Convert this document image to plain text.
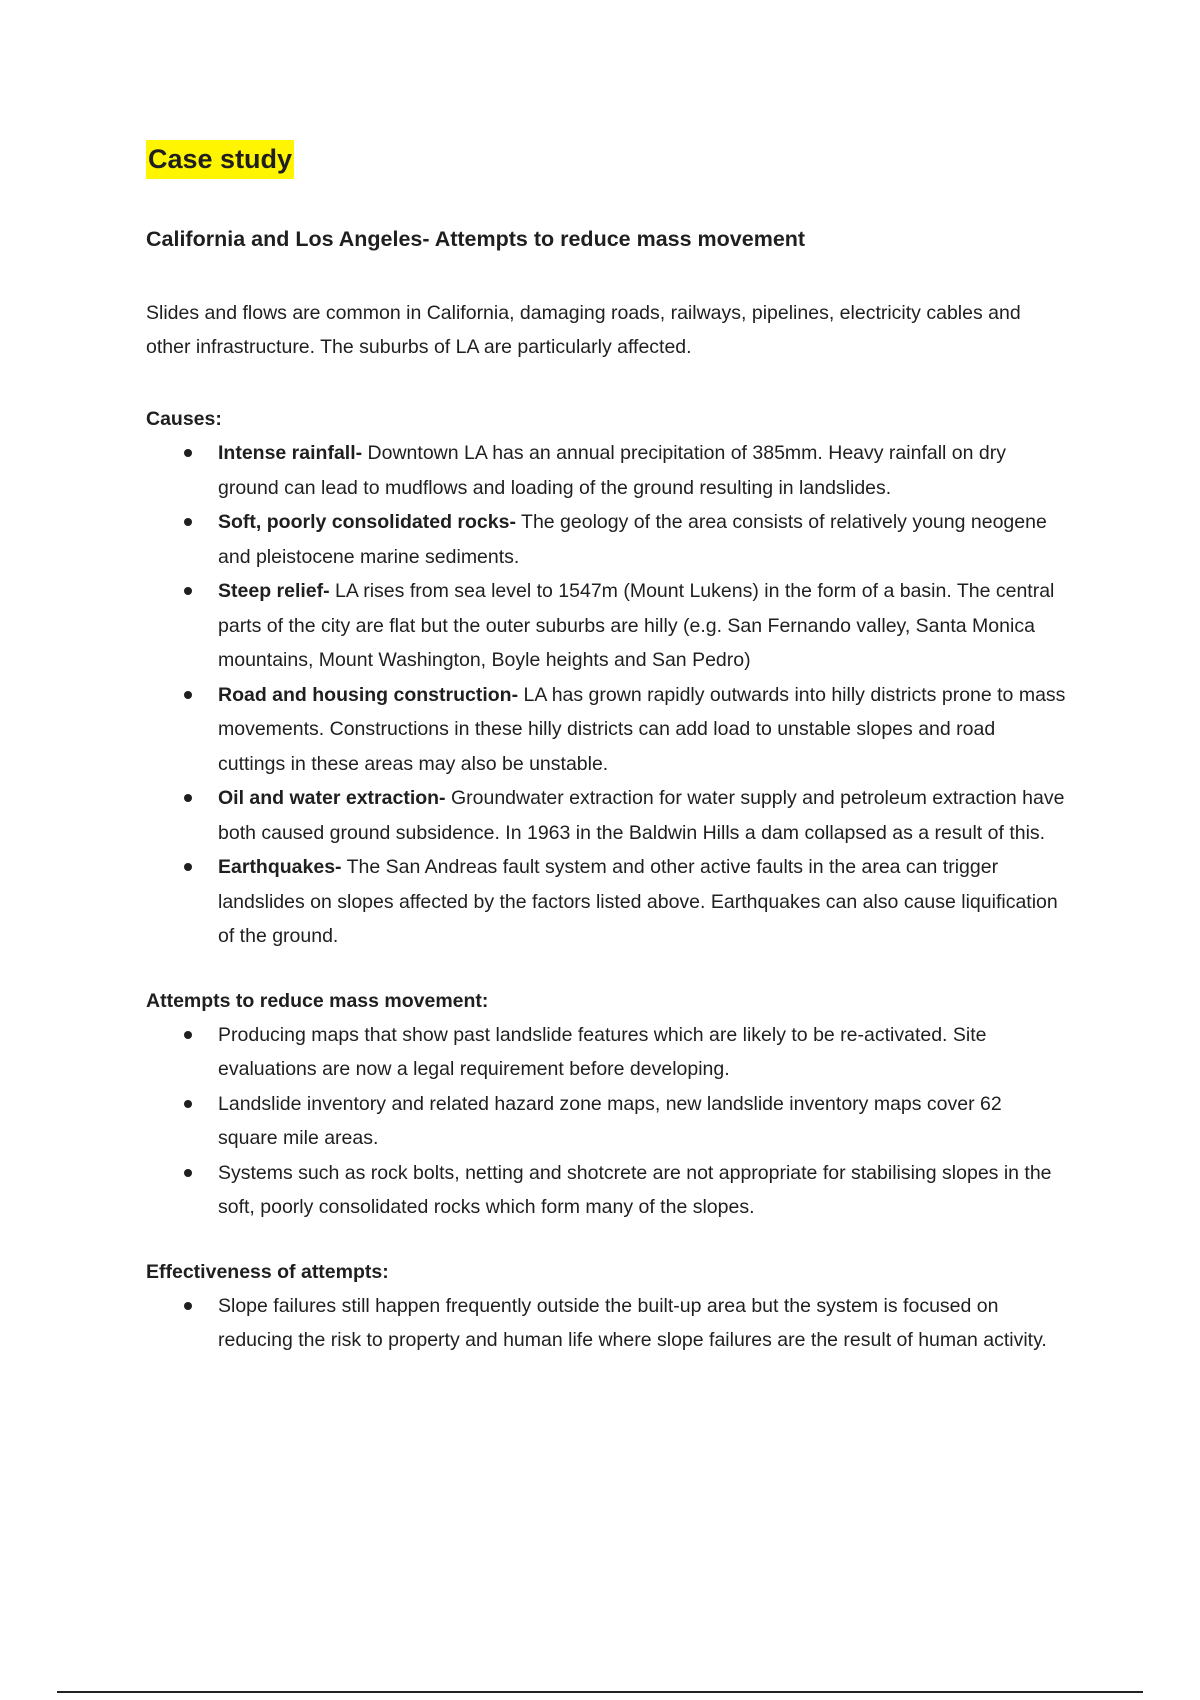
Case study
California and Los Angeles- Attempts to reduce mass movement

Slides and flows are common in California, damaging roads, railways, pipelines, electricity cables and other infrastructure. The suburbs of LA are particularly affected.

Causes:
Intense rainfall- Downtown LA has an annual precipitation of 385mm. Heavy rainfall on dry ground can lead to mudflows and loading of the ground resulting in landslides.
Soft, poorly consolidated rocks- The geology of the area consists of relatively young neogene and pleistocene marine sediments.
Steep relief- LA rises from sea level to 1547m (Mount Lukens) in the form of a basin. The central parts of the city are flat but the outer suburbs are hilly (e.g. San Fernando valley, Santa Monica mountains, Mount Washington, Boyle heights and San Pedro)
Road and housing construction- LA has grown rapidly outwards into hilly districts prone to mass movements. Constructions in these hilly districts can add load to unstable slopes and road cuttings in these areas may also be unstable.
Oil and water extraction- Groundwater extraction for water supply and petroleum extraction have both caused ground subsidence. In 1963 in the Baldwin Hills a dam collapsed as a result of this.
Earthquakes- The San Andreas fault system and other active faults in the area can trigger landslides on slopes affected by the factors listed above. Earthquakes can also cause liquification of the ground.
Attempts to reduce mass movement:
Producing maps that show past landslide features which are likely to be re-activated. Site evaluations are now a legal requirement before developing.
Landslide inventory and related hazard zone maps, new landslide inventory maps cover 62 square mile areas.
Systems such as rock bolts, netting and shotcrete are not appropriate for stabilising slopes in the soft, poorly consolidated rocks which form many of the slopes.
Effectiveness of attempts:
Slope failures still happen frequently outside the built-up area but the system is focused on reducing the risk to property and human life where slope failures are the result of human activity.
